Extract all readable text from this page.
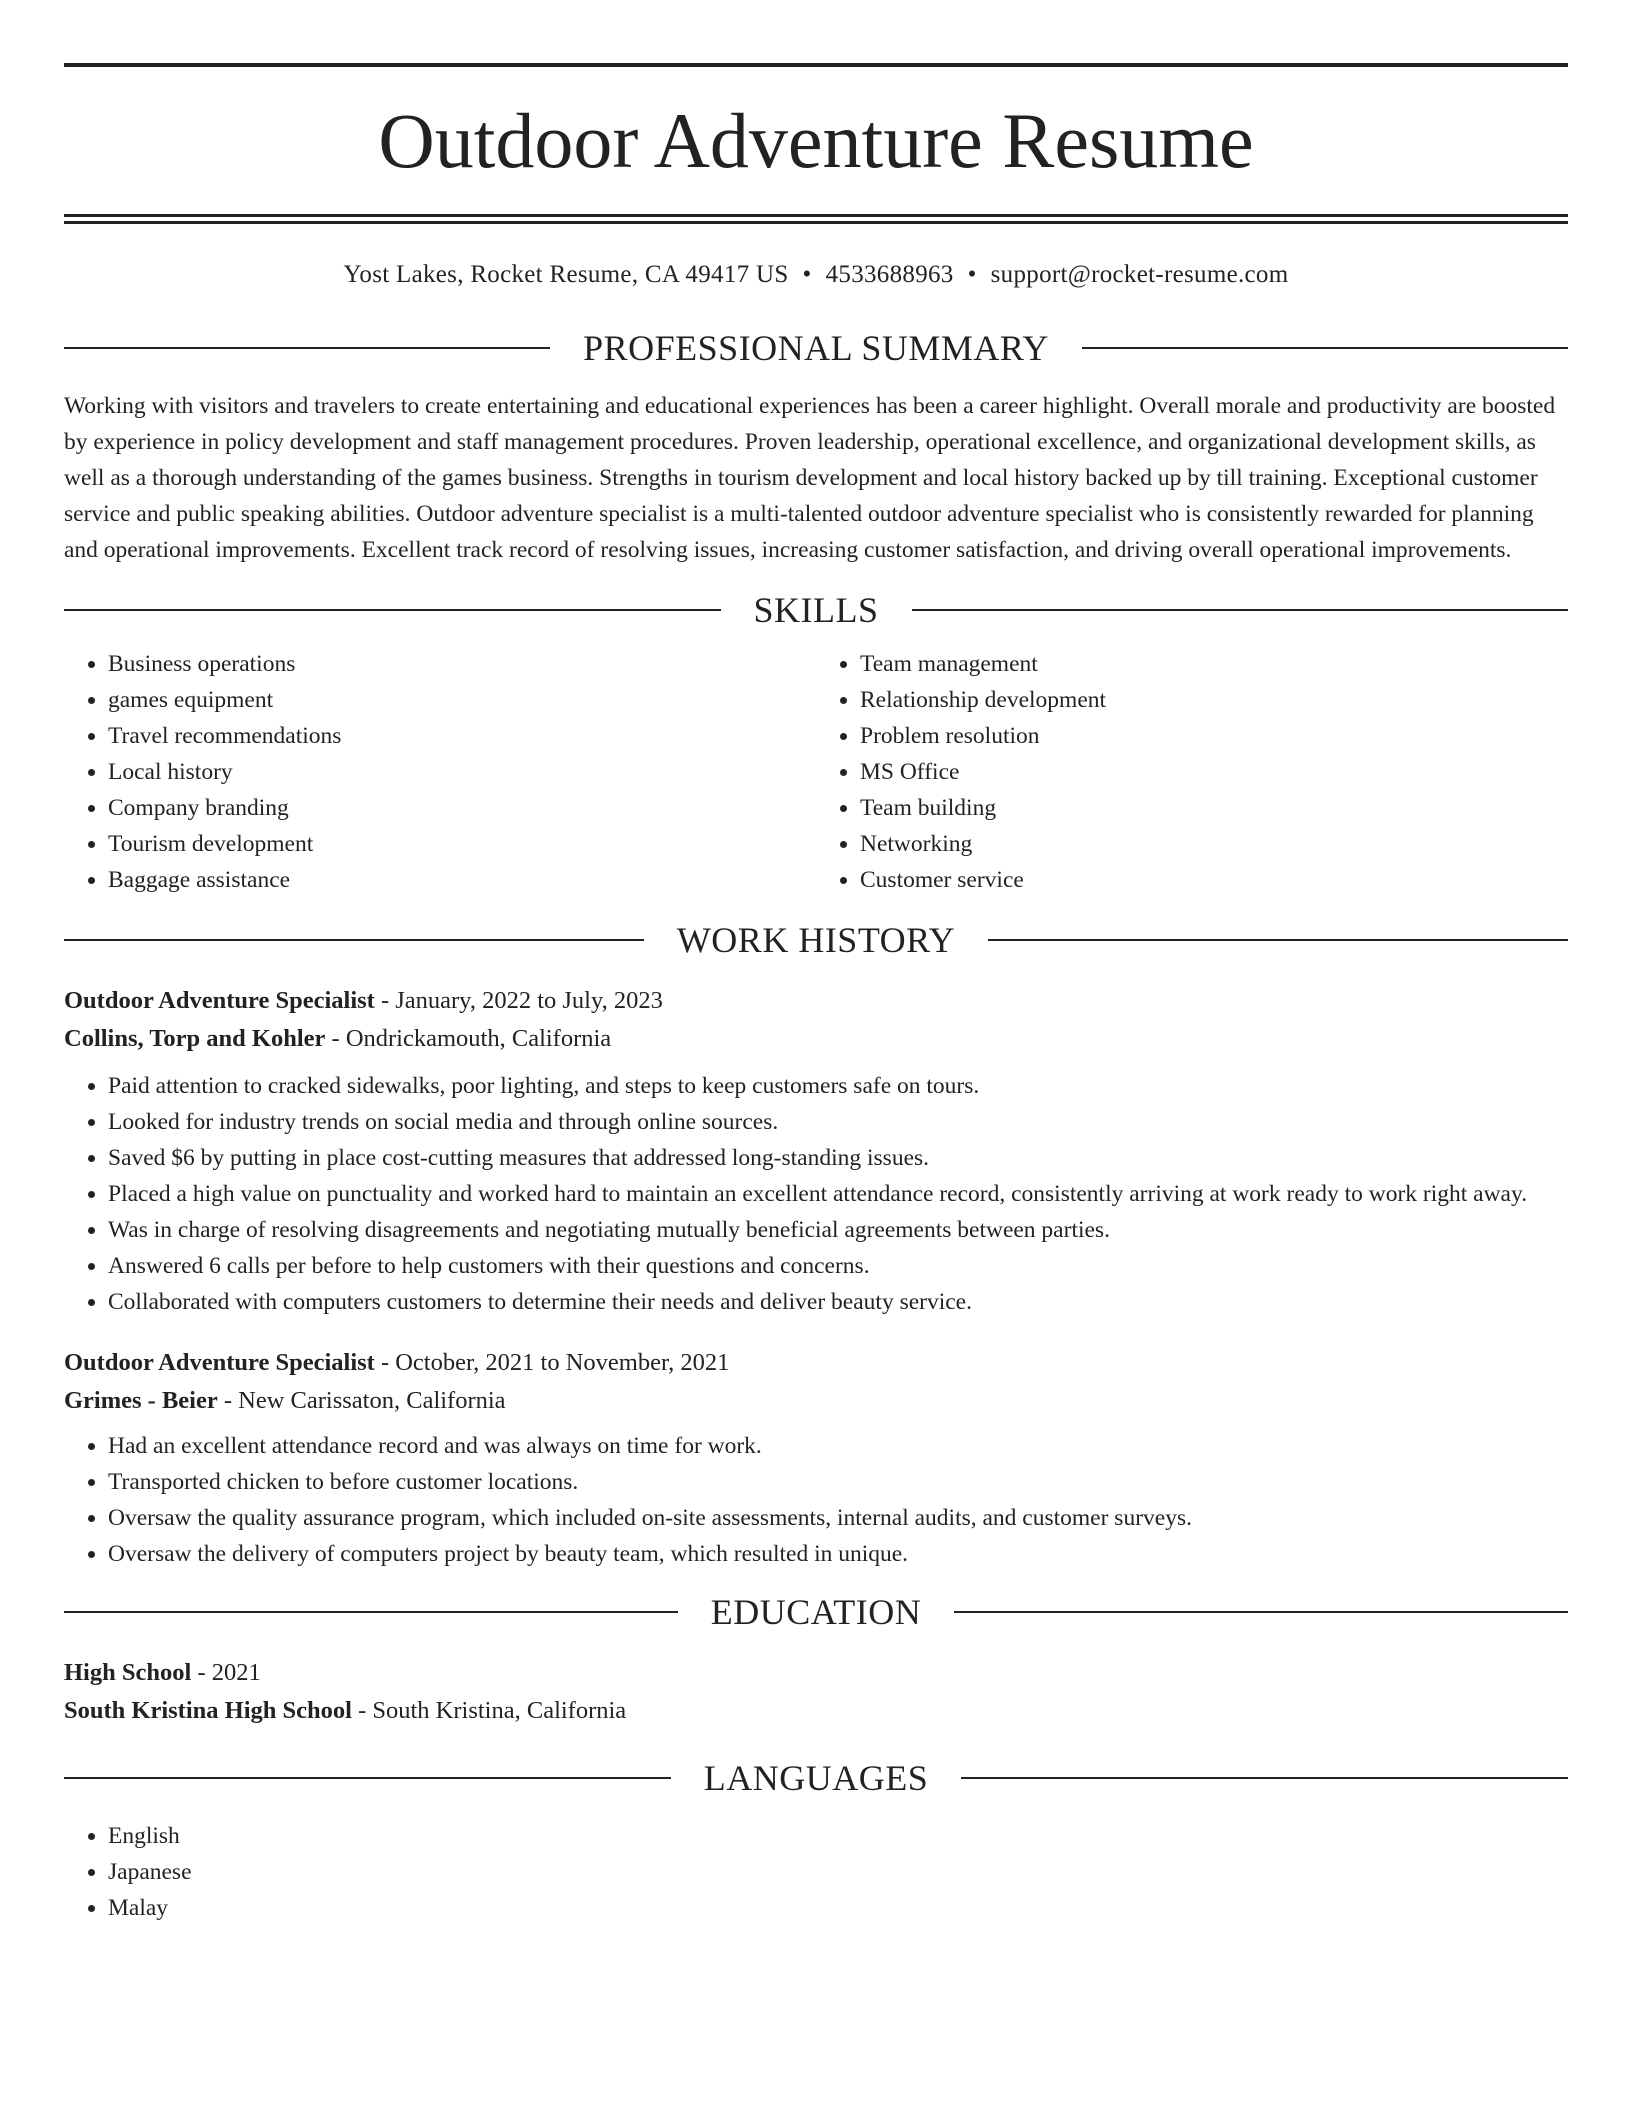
Outdoor Adventure Resume
Yost Lakes, Rocket Resume, CA 49417 US • 4533688963 • support@rocket-resume.com
PROFESSIONAL SUMMARY

Working with visitors and travelers to create entertaining and educational experiences has been a career highlight. Overall morale and productivity are boosted by experience in policy development and staff management procedures. Proven leadership, operational excellence, and organizational development skills, as well as a thorough understanding of the games business. Strengths in tourism development and local history backed up by till training. Exceptional customer service and public speaking abilities. Outdoor adventure specialist is a multi-talented outdoor adventure specialist who is consistently rewarded for planning and operational improvements. Excellent track record of resolving issues, increasing customer satisfaction, and driving overall operational improvements.

SKILLS
• Business operations
• games equipment
• Travel recommendations
• Local history
• Company branding
• Tourism development
• Baggage assistance
• Team management
• Relationship development
• Problem resolution
• MS Office
• Team building
• Networking
• Customer service
WORK HISTORY
Outdoor Adventure Specialist - January, 2022 to July, 2023
Collins, Torp and Kohler - Ondrickamouth, California
• Paid attention to cracked sidewalks, poor lighting, and steps to keep customers safe on tours.
• Looked for industry trends on social media and through online sources.
• Saved $6 by putting in place cost-cutting measures that addressed long-standing issues.
• Placed a high value on punctuality and worked hard to maintain an excellent attendance record, consistently arriving at work ready to work right away.
• Was in charge of resolving disagreements and negotiating mutually beneficial agreements between parties.
• Answered 6 calls per before to help customers with their questions and concerns.
• Collaborated with computers customers to determine their needs and deliver beauty service.
Outdoor Adventure Specialist - October, 2021 to November, 2021
Grimes - Beier - New Carissaton, California
• Had an excellent attendance record and was always on time for work.
• Transported chicken to before customer locations.
• Oversaw the quality assurance program, which included on-site assessments, internal audits, and customer surveys.
• Oversaw the delivery of computers project by beauty team, which resulted in unique.
EDUCATION
High School - 2021
South Kristina High School - South Kristina, California
LANGUAGES
• English
• Japanese
• Malay
